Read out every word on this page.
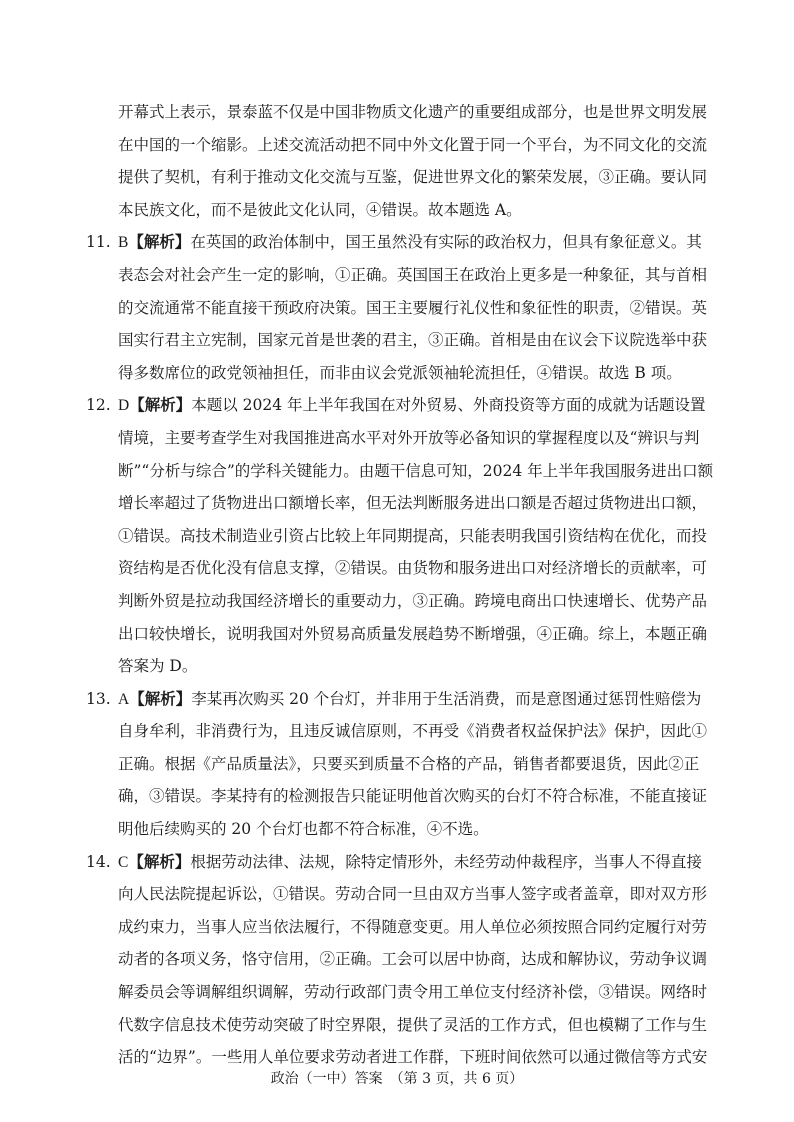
开幕式上表示，景泰蓝不仅是中国非物质文化遗产的重要组成部分，也是世界文明发展
在中国的一个缩影。上述交流活动把不同中外文化置于同一个平台，为不同文化的交流
提供了契机，有利于推动文化交流与互鉴，促进世界文化的繁荣发展，③正确。要认同
本民族文化，而不是彼此文化认同，④错误。故本题选 A。
11. B【解析】在英国的政治体制中，国王虽然没有实际的政治权力，但具有象征意义。其
表态会对社会产生一定的影响，①正确。英国国王在政治上更多是一种象征，其与首相
的交流通常不能直接干预政府决策。国王主要履行礼仪性和象征性的职责，②错误。英
国实行君主立宪制，国家元首是世袭的君主，③正确。首相是由在议会下议院选举中获
得多数席位的政党领袖担任，而非由议会党派领袖轮流担任，④错误。故选 B 项。
12. D【解析】本题以 2024 年上半年我国在对外贸易、外商投资等方面的成就为话题设置
情境，主要考查学生对我国推进高水平对外开放等必备知识的掌握程度以及“辨识与判
断”“分析与综合”的学科关键能力。由题干信息可知，2024 年上半年我国服务进出口额
增长率超过了货物进出口额增长率，但无法判断服务进出口额是否超过货物进出口额，
①错误。高技术制造业引资占比较上年同期提高，只能表明我国引资结构在优化，而投
资结构是否优化没有信息支撑，②错误。由货物和服务进出口对经济增长的贡献率，可
判断外贸是拉动我国经济增长的重要动力，③正确。跨境电商出口快速增长、优势产品
出口较快增长，说明我国对外贸易高质量发展趋势不断增强，④正确。综上，本题正确
答案为 D。
13. A【解析】李某再次购买 20 个台灯，并非用于生活消费，而是意图通过惩罚性赔偿为
自身牟利，非消费行为，且违反诚信原则，不再受《消费者权益保护法》保护，因此①
正确。根据《产品质量法》，只要买到质量不合格的产品，销售者都要退货，因此②正
确，③错误。李某持有的检测报告只能证明他首次购买的台灯不符合标准，不能直接证
明他后续购买的 20 个台灯也都不符合标准，④不选。
14. C【解析】根据劳动法律、法规，除特定情形外，未经劳动仲裁程序，当事人不得直接
向人民法院提起诉讼，①错误。劳动合同一旦由双方当事人签字或者盖章，即对双方形
成约束力，当事人应当依法履行，不得随意变更。用人单位必须按照合同约定履行对劳
动者的各项义务，恪守信用，②正确。工会可以居中协商，达成和解协议，劳动争议调
解委员会等调解组织调解，劳动行政部门责令用工单位支付经济补偿，③错误。网络时
代数字信息技术使劳动突破了时空界限，提供了灵活的工作方式，但也模糊了工作与生
活的“边界”。一些用人单位要求劳动者进工作群，下班时间依然可以通过微信等方式安
政治（一中）答案　（第 3 页，共 6 页）
